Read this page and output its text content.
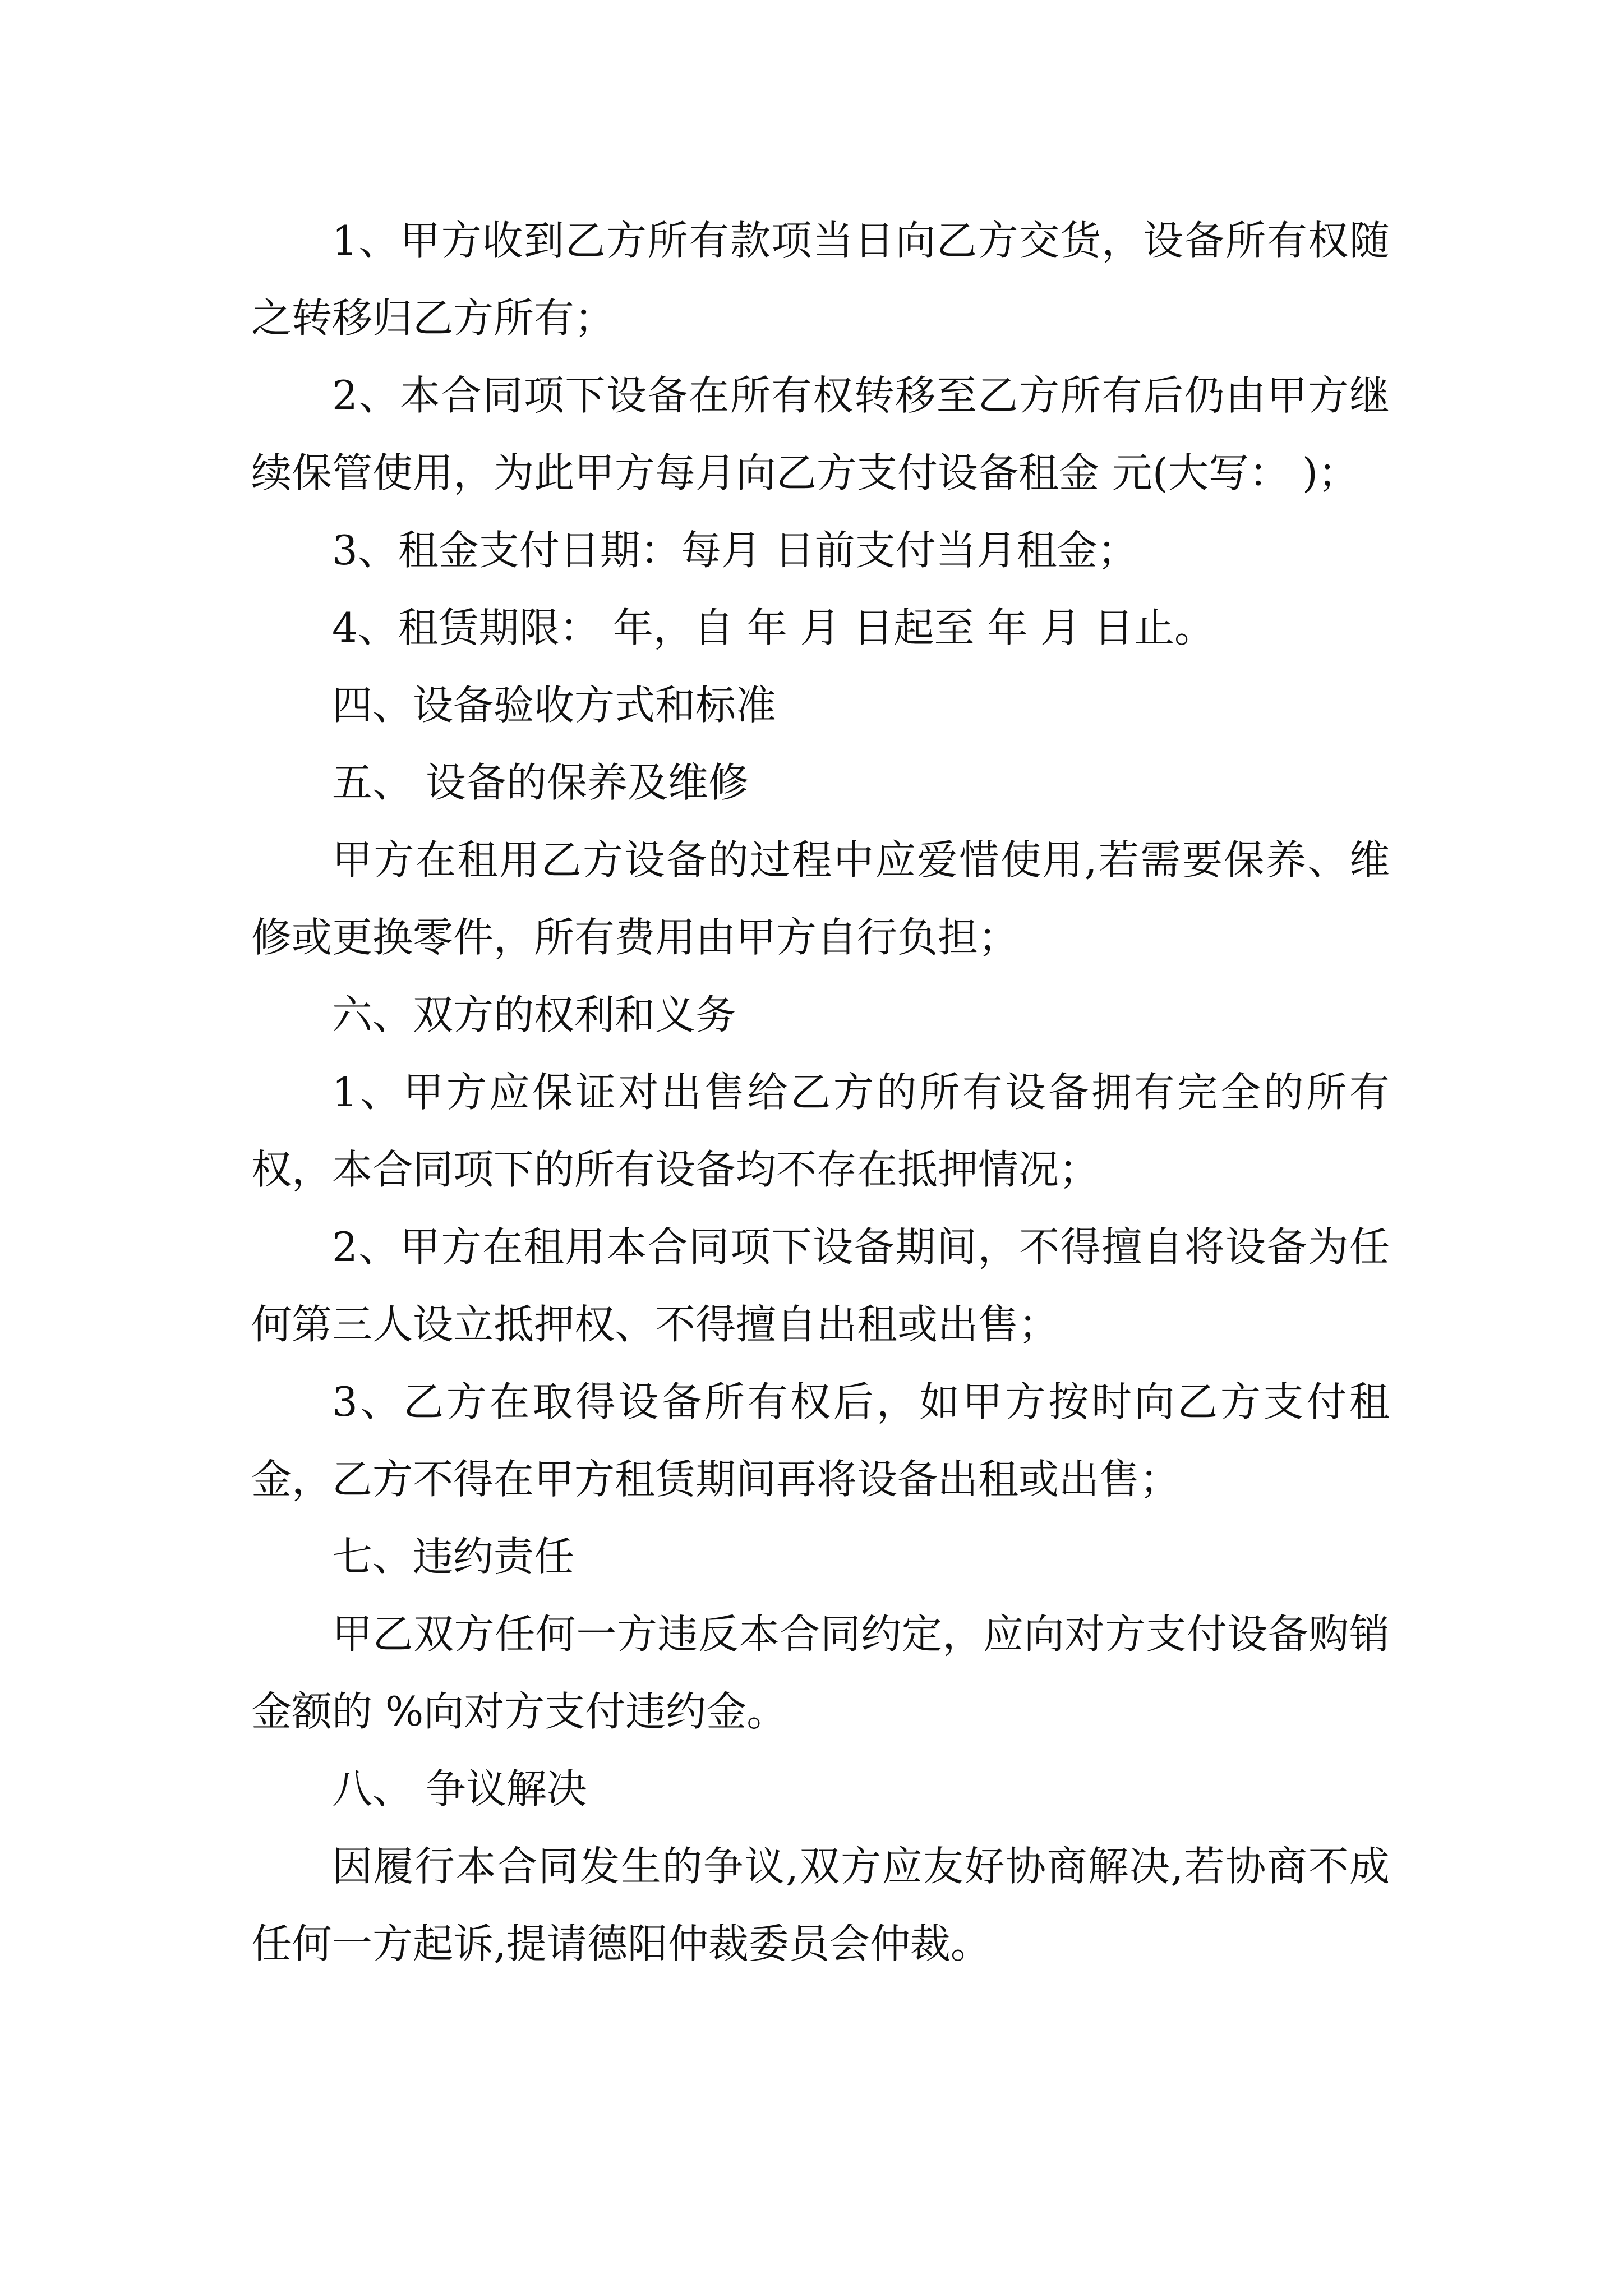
1、甲方收到乙方所有款项当日向乙方交货，设备所有权随之转移归乙方所有；

2、本合同项下设备在所有权转移至乙方所有后仍由甲方继续保管使用，为此甲方每月向乙方支付设备租金 元(大写： )；

3、租金支付日期：每月 日前支付当月租金；

4、租赁期限： 年，自 年 月 日起至 年 月 日止。

四、设备验收方式和标准

五、 设备的保养及维修

甲方在租用乙方设备的过程中应爱惜使用,若需要保养、维修或更换零件，所有费用由甲方自行负担；

六、双方的权利和义务

1、甲方应保证对出售给乙方的所有设备拥有完全的所有权，本合同项下的所有设备均不存在抵押情况；

2、甲方在租用本合同项下设备期间，不得擅自将设备为任何第三人设立抵押权、不得擅自出租或出售；

3、乙方在取得设备所有权后，如甲方按时向乙方支付租金，乙方不得在甲方租赁期间再将设备出租或出售；

七、违约责任

甲乙双方任何一方违反本合同约定，应向对方支付设备购销金额的 %向对方支付违约金。

八、 争议解决

因履行本合同发生的争议,双方应友好协商解决,若协商不成任何一方起诉,提请德阳仲裁委员会仲裁。
